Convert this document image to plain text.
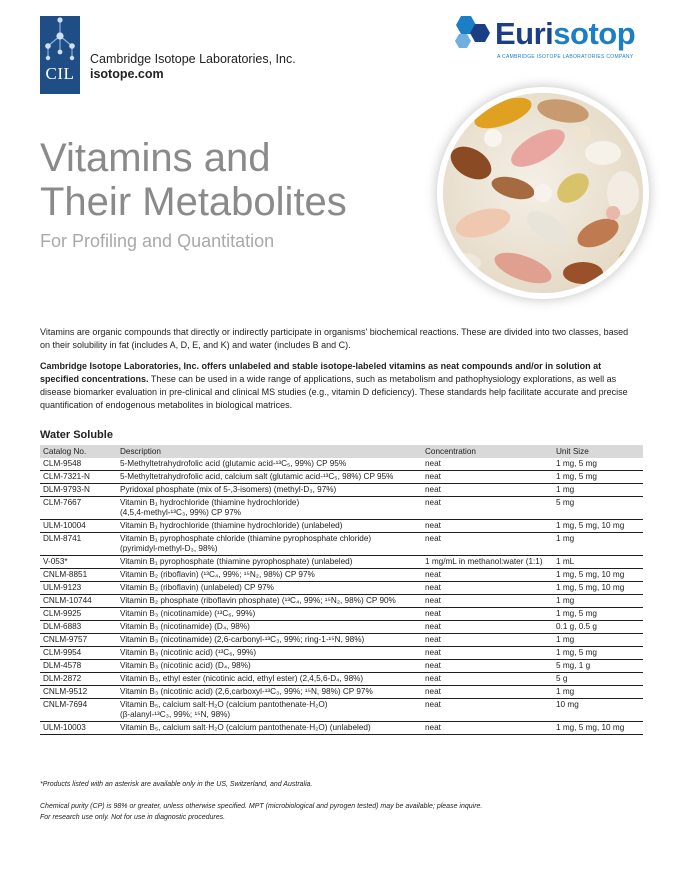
CIL
Cambridge Isotope Laboratories, Inc.
isotope.com
Eurisotop
A CAMBRIDGE ISOTOPE LABORATORIES COMPANY
Vitamins and
Their Metabolites
For Profiling and Quantitation

Vitamins are organic compounds that directly or indirectly participate in organisms' biochemical reactions. These are divided into two classes, based on their solubility in fat (includes A, D, E, and K) and water (includes B and C).

Cambridge Isotope Laboratories, Inc. offers unlabeled and stable isotope-labeled vitamins as neat compounds and/or in solution at specified concentrations. These can be used in a wide range of applications, such as metabolism and pathophysiology explorations, as well as disease biomarker evaluation in pre-clinical and clinical MS studies (e.g., vitamin D deficiency). These standards help facilitate accurate and precise quantification of endogenous metabolites in biological matrices.

Water Soluble
Catalog No.	Description	Concentration	Unit Size
CLM-9548	5-Methyltetrahydrofolic acid (glutamic acid-¹³C₅, 99%) CP 95%	neat	1 mg, 5 mg
CLM-7321-N	5-Methyltetrahydrofolic acid, calcium salt (glutamic acid-¹³C₅, 98%) CP 95%	neat	1 mg, 5 mg
DLM-9793-N	Pyridoxal phosphate (mix of 5-,3-isomers) (methyl-D₃, 97%)	neat	1 mg
CLM-7667	Vitamin B₁ hydrochloride (thiamine hydrochloride)
(4,5,4-methyl-¹³C₃, 99%) CP 97%	neat	5 mg
ULM-10004	Vitamin B₁ hydrochloride (thiamine hydrochloride) (unlabeled)	neat	1 mg, 5 mg, 10 mg
DLM-8741	Vitamin B₁ pyrophosphate chloride (thiamine pyrophosphate chloride)
(pyrimidyl-methyl-D₃, 98%)	neat	1 mg
V-053*	Vitamin B₁ pyrophosphate (thiamine pyrophosphate) (unlabeled)	1 mg/mL in methanol:water (1:1)	1 mL
CNLM-8851	Vitamin B₂ (riboflavin) (¹³C₄, 99%; ¹⁵N₂, 98%) CP 97%	neat	1 mg, 5 mg, 10 mg
ULM-9123	Vitamin B₂ (riboflavin) (unlabeled) CP 97%	neat	1 mg, 5 mg, 10 mg
CNLM-10744	Vitamin B₂ phosphate (riboflavin phosphate) (¹³C₄, 99%; ¹⁵N₂, 98%) CP 90%	neat	1 mg
CLM-9925	Vitamin B₃ (nicotinamide) (¹³C₆, 99%)	neat	1 mg, 5 mg
DLM-6883	Vitamin B₃ (nicotinamide) (D₄, 98%)	neat	0.1 g, 0.5 g
CNLM-9757	Vitamin B₃ (nicotinamide) (2,6-carbonyl-¹³C₃, 99%; ring-1-¹⁵N, 98%)	neat	1 mg
CLM-9954	Vitamin B₃ (nicotinic acid) (¹³C₆, 99%)	neat	1 mg, 5 mg
DLM-4578	Vitamin B₃ (nicotinic acid) (D₄, 98%)	neat	5 mg, 1 g
DLM-2872	Vitamin B₃, ethyl ester (nicotinic acid, ethyl ester) (2,4,5,6-D₄, 98%)	neat	5 g
CNLM-9512	Vitamin B₃ (nicotinic acid) (2,6,carboxyl-¹³C₃, 99%; ¹⁵N, 98%) CP 97%	neat	1 mg
CNLM-7694	Vitamin B₅, calcium salt·H₂O (calcium pantothenate·H₂O)
(β-alanyl-¹³C₃, 99%; ¹⁵N, 98%)	neat	10 mg
ULM-10003	Vitamin B₅, calcium salt·H₂O (calcium pantothenate·H₂O) (unlabeled)	neat	1 mg, 5 mg, 10 mg
*Products listed with an asterisk are available only in the US, Switzerland, and Australia.
Chemical purity (CP) is 98% or greater, unless otherwise specified. MPT (microbiological and pyrogen tested) may be available; please inquire.
For research use only. Not for use in diagnostic procedures.
